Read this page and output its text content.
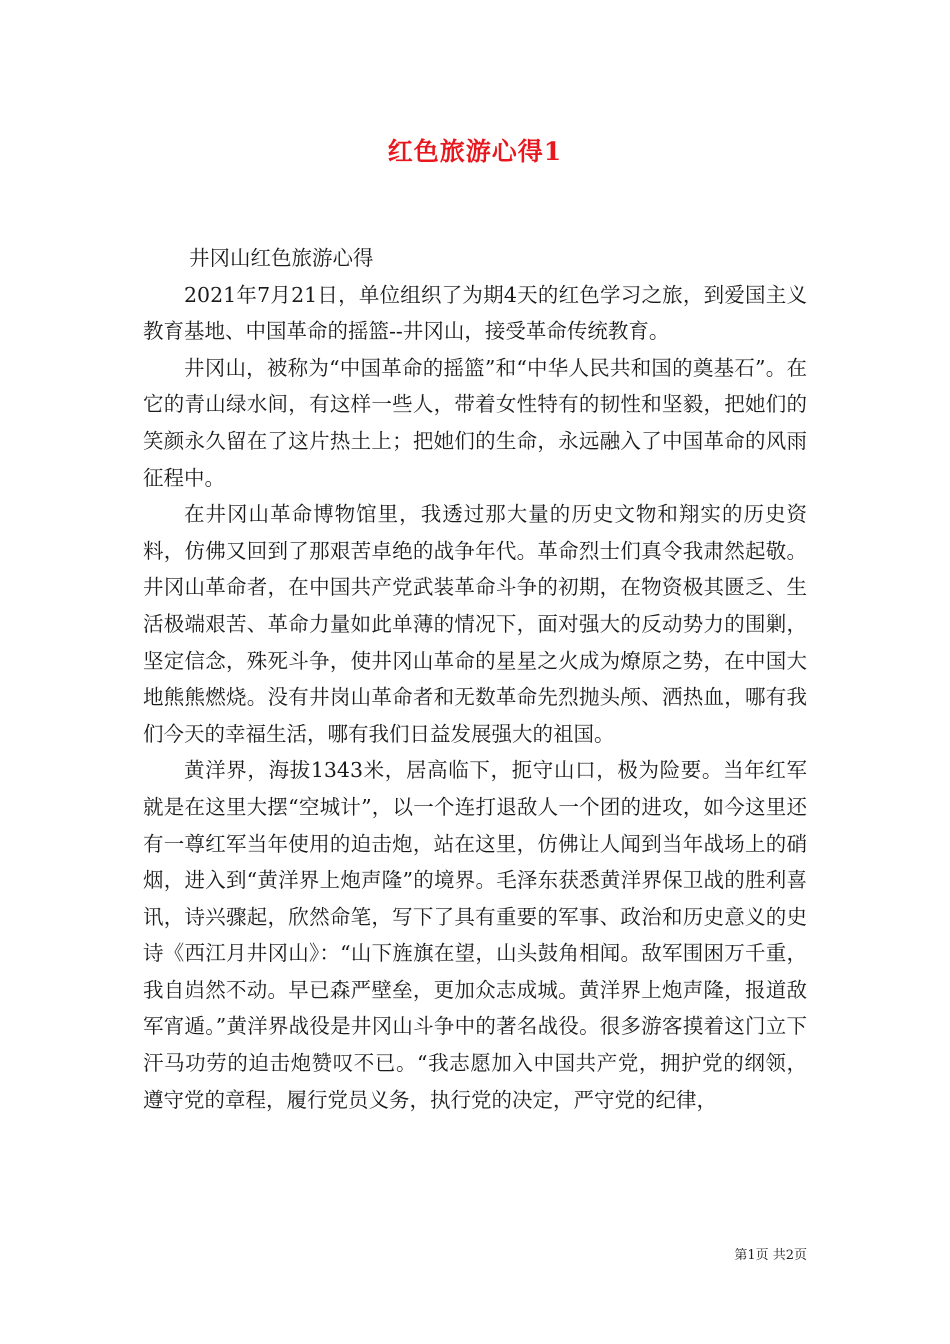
红色旅游心得1

井冈山红色旅游心得

2021年7月21日，单位组织了为期4天的红色学习之旅，到爱国主义教育基地、中国革命的摇篮--井冈山，接受革命传统教育。

井冈山，被称为“中国革命的摇篮”和“中华人民共和国的奠基石”。在它的青山绿水间，有这样一些人，带着女性特有的韧性和坚毅，把她们的笑颜永久留在了这片热土上；把她们的生命，永远融入了中国革命的风雨征程中。

在井冈山革命博物馆里，我透过那大量的历史文物和翔实的历史资料，仿佛又回到了那艰苦卓绝的战争年代。革命烈士们真令我肃然起敬。井冈山革命者，在中国共产党武装革命斗争的初期，在物资极其匮乏、生活极端艰苦、革命力量如此单薄的情况下，面对强大的反动势力的围剿，坚定信念，殊死斗争，使井冈山革命的星星之火成为燎原之势，在中国大地熊熊燃烧。没有井岗山革命者和无数革命先烈抛头颅、洒热血，哪有我们今天的幸福生活，哪有我们日益发展强大的祖国。

黄洋界，海拔1343米，居高临下，扼守山口，极为险要。当年红军就是在这里大摆“空城计”，以一个连打退敌人一个团的进攻，如今这里还有一尊红军当年使用的迫击炮，站在这里，仿佛让人闻到当年战场上的硝烟，进入到“黄洋界上炮声隆”的境界。毛泽东获悉黄洋界保卫战的胜利喜讯，诗兴骤起，欣然命笔，写下了具有重要的军事、政治和历史意义的史诗《西江月井冈山》：“山下旌旗在望，山头鼓角相闻。敌军围困万千重，我自岿然不动。早已森严壁垒，更加众志成城。黄洋界上炮声隆，报道敌军宵遁。”黄洋界战役是井冈山斗争中的著名战役。很多游客摸着这门立下汗马功劳的迫击炮赞叹不已。“我志愿加入中国共产党，拥护党的纲领，遵守党的章程，履行党员义务，执行党的决定，严守党的纪律，

第1页 共2页
